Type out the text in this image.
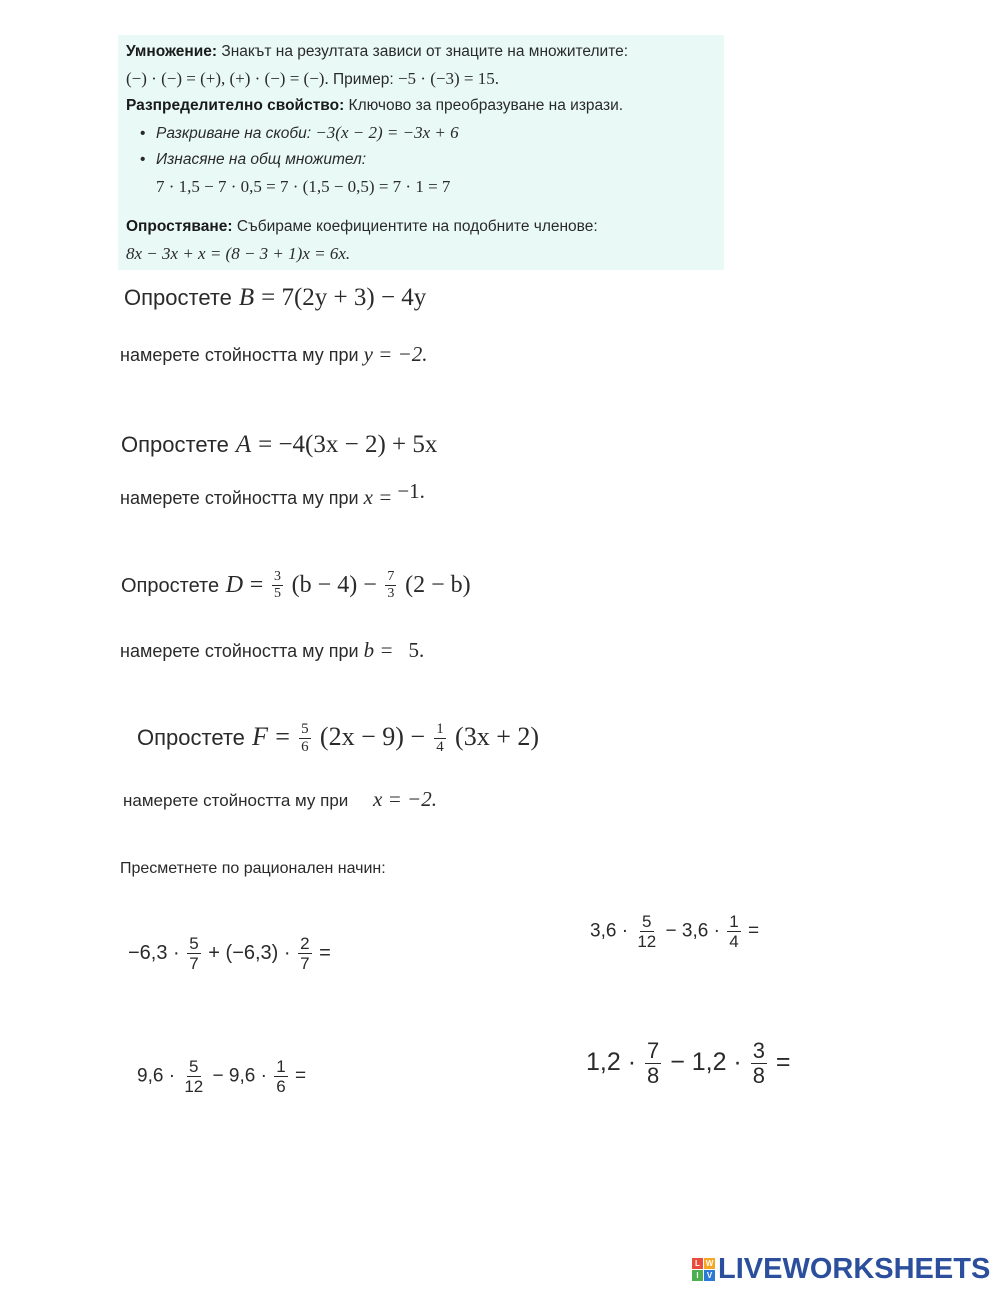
Умножение: Знакът на резултата зависи от знаците на множителите:
(−) · (−) = (+), (+) · (−) = (−). Пример: −5 · (−3) = 15.
Разпределително свойство: Ключово за преобразуване на изрази.
• Разкриване на скоби: −3(x − 2) = −3x + 6
• Изнасяне на общ множител:
7 · 1,5 − 7 · 0,5 = 7 · (1,5 − 0,5) = 7 · 1 = 7
Опростяване: Събираме коефициентите на подобните членове:
8x − 3x + x = (8 − 3 + 1)x = 6x.
Опростете B = 7(2y + 3) − 4y
намерете стойността му при y = −2.
Опростете A = −4(3x − 2) + 5x
намерете стойността му при x = −1.
Опростете $D = \frac{3}{5} (b - 4) - \frac{7}{3} (2 - b)$
намерете стойността му при b = 5.
Опростете $F = \frac{5}{6} (2x - 9) - \frac{1}{4} (3x + 2)$
намерете стойността му при x = −2.
Пресметнете по рационален начин:
$-6,3 \cdot \frac{5}{7} + (-6,3) \cdot \frac{2}{7}$ =
$3,6 \cdot \frac{5}{12} - 3,6 \cdot \frac{1}{4}$ =
$9,6 \cdot \frac{5}{12} - 9,6 \cdot \frac{1}{6}$ =	$1,2 \cdot \frac{7}{8} - 1,2 \cdot \frac{3}{8}$ =
L W
I	V LIVEWORKSHEETS
